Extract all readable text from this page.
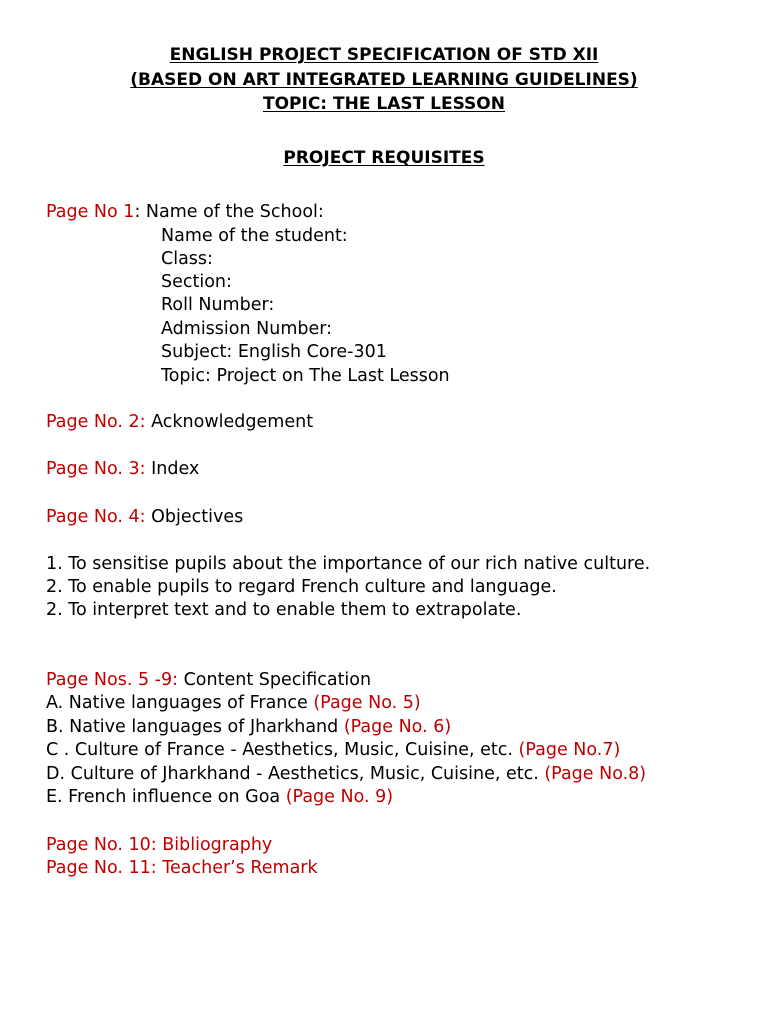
ENGLISH PROJECT SPECIFICATION OF STD XII
(BASED ON ART INTEGRATED LEARNING GUIDELINES)
TOPIC: THE LAST LESSON
PROJECT REQUISITES
Page No 1: Name of the School:
Name of the student:
Class:
Section:
Roll Number:
Admission Number:
Subject: English Core-301
Topic: Project on The Last Lesson
Page No. 2: Acknowledgement
Page No. 3: Index
Page No. 4: Objectives
1. To sensitise pupils about the importance of our rich native culture.
2. To enable pupils to regard French culture and language.
2. To interpret text and to enable them to extrapolate.
Page Nos. 5 -9: Content Specification
A. Native languages of France (Page No. 5)
B. Native languages of Jharkhand (Page No. 6)
C . Culture of France - Aesthetics, Music, Cuisine, etc. (Page No.7)
D. Culture of Jharkhand - Aesthetics, Music, Cuisine, etc. (Page No.8)
E. French influence on Goa (Page No. 9)
Page No. 10: Bibliography
Page No. 11: Teacher’s Remark
